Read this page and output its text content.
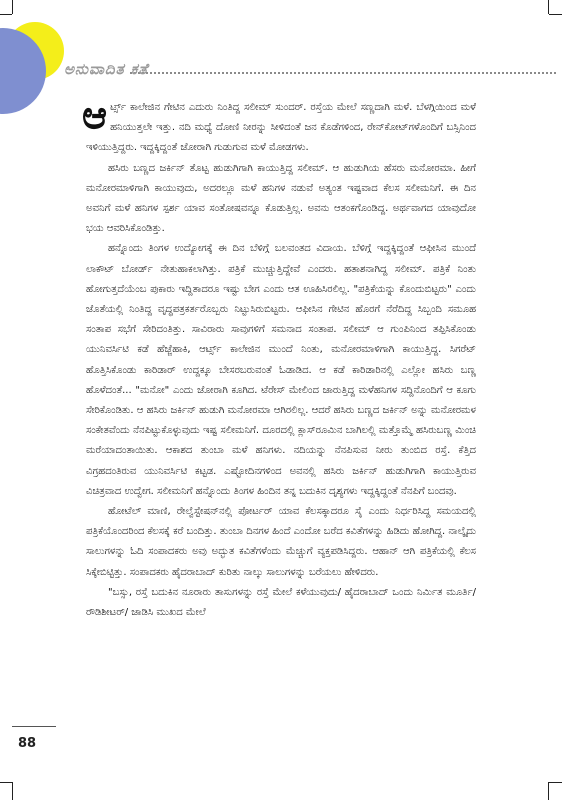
ಅನುವಾದಿತ ಕತೆ

ಆರ್ಟ್ಸ್ ಕಾಲೇಜಿನ ಗೇಟಿನ ಎದುರು ನಿಂತಿದ್ದ ಸಲೀಮ್ ಸುಂದರ್. ರಸ್ತೆಯ ಮೇಲೆ ಸಣ್ಣದಾಗಿ ಮಳೆ. ಬೆಳಗ್ಗಿಯಿಂದ ಮಳೆ ಹನಿಯುತ್ತಲೇ ಇತ್ತು. ನದಿ ಮಧ್ಯೆ ದೋಣಿ ನೀರನ್ನು ಸೀಳಿದಂತೆ ಜನ ಕೊಡೆಗಳಿಂದ, ರೇನ್‌ಕೋಟ್‌ಗಳೊಂದಿಗೆ ಬಸ್ಸಿನಿಂದ ಇಳಿಯುತ್ತಿದ್ದರು. ಇದ್ದಕ್ಕಿದ್ದಂತೆ ಜೋರಾಗಿ ಗುಡುಗುವ ಮಳೆ ಮೋಡಗಳು.

ಹಸಿರು ಬಣ್ಣದ ಜರ್ಕಿನ್ ತೊಟ್ಟ ಹುಡುಗಿಗಾಗಿ ಕಾಯುತ್ತಿದ್ದ ಸಲೀಮ್. ಆ ಹುಡುಗಿಯ ಹೆಸರು ಮನೋರಮಾ. ಹೀಗೆ ಮನೋರಮಾಳಿಗಾಗಿ ಕಾಯುವುದು, ಅದರಲ್ಲೂ ಮಳೆ ಹನಿಗಳ ನಡುವೆ ಅತ್ಯಂತ ಇಷ್ಟವಾದ ಕೆಲಸ ಸಲೀಮನಿಗೆ. ಈ ದಿನ ಅವನಿಗೆ ಮಳೆ ಹನಿಗಳ ಸ್ಪರ್ಶ ಯಾವ ಸಂತೋಷವನ್ನೂ ಕೊಡುತ್ತಿಲ್ಲ. ಅವನು ಆತಂಕಗೊಂಡಿದ್ದ. ಅರ್ಥವಾಗದ ಯಾವುದೋ ಭಯ ಆವರಿಸಿಕೊಂಡಿತ್ತು.

ಹನ್ನೊಂದು ತಿಂಗಳ ಉದ್ಯೋಗಕ್ಕೆ ಈ ದಿನ ಬೆಳಿಗ್ಗೆ ಬಲವಂತದ ವಿದಾಯ. ಬೆಳಿಗ್ಗೆ ಇದ್ದಕ್ಕಿದ್ದಂತೆ ಆಫೀಸಿನ ಮುಂದೆ ಲಾಕೌಟ್ ಬೋರ್ಡ್ ನೇತುಹಾಕಲಾಗಿತ್ತು. ಪತ್ರಿಕೆ ಮುಚ್ಚುತ್ತಿದ್ದೇವೆ ಎಂದರು. ಹತಾಶನಾಗಿದ್ದ ಸಲೀಮ್. ಪತ್ರಿಕೆ ನಿಂತು ಹೋಗುತ್ತದೆಯೆಂಬ ಪುಕಾರು ಇದ್ದಿತಾದರೂ ಇಷ್ಟು ಬೇಗ ಎಂದು ಆತ ಊಹಿಸಿರಲಿಲ್ಲ. "ಪತ್ರಿಕೆಯನ್ನು ಕೊಂದುಬಿಟ್ಟರು" ಎಂದು ಜೊತೆಯಲ್ಲಿ ನಿಂತಿದ್ದ ವೃದ್ಧಪತ್ರಕರ್ತರೊಬ್ಬರು ನಿಟ್ಟುಸಿರುಬಿಟ್ಟರು. ಆಫೀಸಿನ ಗೇಟಿನ ಹೊರಗೆ ನೆರೆದಿದ್ದ ಸಿಬ್ಬಂದಿ ಸಮೂಹ ಸಂತಾಪ ಸಭೆಗೆ ಸೇರಿದಂತಿತ್ತು. ಸಾವಿರಾರು ಸಾವುಗಳಿಗೆ ಸಮನಾದ ಸಂತಾಪ. ಸಲೀಮ್ ಆ ಗುಂಪಿನಿಂದ ತಪ್ಪಿಸಿಕೊಂಡು ಯುನಿವರ್ಸಿಟಿ ಕಡೆ ಹೆಜ್ಜೆಹಾಕಿ, ಆರ್ಟ್ಸ್ ಕಾಲೇಜಿನ ಮುಂದೆ ನಿಂತು, ಮನೋರಮಾಳಿಗಾಗಿ ಕಾಯುತ್ತಿದ್ದ. ಸಿಗರೆಟ್ ಹೊತ್ತಿಸಿಕೊಂಡು ಕಾರಿಡಾರ್ ಉದ್ದಕ್ಕೂ ಬೇಸರಬರುವಂತೆ ಓಡಾಡಿದ. ಆ ಕಡೆ ಕಾರಿಡಾರಿನಲ್ಲಿ ಎಲ್ಲೋ ಹಸಿರು ಬಣ್ಣ ಹೊಳೆದಂತೆ... "ಮನೋ" ಎಂದು ಜೋರಾಗಿ ಕೂಗಿದ. ಟೆರೇಸ್ ಮೇಲಿಂದ ಜಾರುತ್ತಿದ್ದ ಮಳೆಹನಿಗಳ ಸದ್ದಿನೊಂದಿಗೆ ಆ ಕೂಗು ಸೇರಿಕೊಂಡಿತು. ಆ ಹಸಿರು ಜರ್ಕಿನ್ ಹುಡುಗಿ ಮನೋರಮಾ ಆಗಿರಲಿಲ್ಲ. ಆದರೆ ಹಸಿರು ಬಣ್ಣದ ಜರ್ಕಿನ್ ಅನ್ನು ಮನೋರಮಳ ಸಂಕೇತವೆಂದು ನೆನಪಿಟ್ಟುಕೊಳ್ಳುವುದು ಇಷ್ಟ ಸಲೀಮನಿಗೆ. ದೂರದಲ್ಲಿ ಕ್ಲಾಸ್‌ರೂಮಿನ ಬಾಗಿಲಲ್ಲಿ ಮತ್ತೊಮ್ಮೆ ಹಸಿರುಬಣ್ಣ ಮಿಂಚಿ ಮರೆಯಾದಂತಾಯಿತು. ಆಕಾಶದ ತುಂಬಾ ಮಳೆ ಹನಿಗಳು. ನದಿಯನ್ನು ನೆನಪಿಸುವ ನೀರು ತುಂಬಿದ ರಸ್ತೆ. ಕೆತ್ತಿದ ವಿಗ್ರಹದಂತಿರುವ ಯುನಿವರ್ಸಿಟಿ ಕಟ್ಟಡ. ಎಷ್ಟೋದಿನಗಳಿಂದ ಅವನಲ್ಲಿ ಹಸಿರು ಜರ್ಕಿನ್ ಹುಡುಗಿಗಾಗಿ ಕಾಯುತ್ತಿರುವ ವಿಚಿತ್ರವಾದ ಉದ್ವೇಗ. ಸಲೀಮನಿಗೆ ಹನ್ನೊಂದು ತಿಂಗಳ ಹಿಂದಿನ ತನ್ನ ಬದುಕಿನ ದೃಶ್ಯಗಳು ಇದ್ದಕ್ಕಿದ್ದಂತೆ ನೆನಪಿಗೆ ಬಂದವು.

ಹೋಟೆಲ್ ಮಾಣಿ, ರೇಲ್ವೆಸ್ಟೇಷನ್‌ನಲ್ಲಿ ಪೋರ್ಟರ್ ಯಾವ ಕೆಲಸಕ್ಕಾದರೂ ಸೈ ಎಂದು ನಿರ್ಧರಿಸಿದ್ದ ಸಮಯದಲ್ಲಿ ಪತ್ರಿಕೆಯೊಂದರಿಂದ ಕೆಲಸಕ್ಕೆ ಕರೆ ಬಂದಿತ್ತು. ತುಂಬಾ ದಿನಗಳ ಹಿಂದೆ ಎಂದೋ ಬರೆದ ಕವಿತೆಗಳನ್ನು ಹಿಡಿದು ಹೋಗಿದ್ದ. ನಾಲ್ಕೈದು ಸಾಲುಗಳನ್ನು ಓದಿ ಸಂಪಾದಕರು ಅವು ಅದ್ಭುತ ಕವಿತೆಗಳೆಂದು ಮೆಚ್ಚುಗೆ ವ್ಯಕ್ತಪಡಿಸಿದ್ದರು. ಆಹಾನ್ ಆಗಿ ಪತ್ರಿಕೆಯಲ್ಲಿ ಕೆಲಸ ಸಿಕ್ಕೇಬಿಟ್ಟಿತ್ತು. ಸಂಪಾದಕರು ಹೈದರಾಬಾದ್ ಕುರಿತು ನಾಲ್ಕು ಸಾಲುಗಳನ್ನು ಬರೆಯಲು ಹೇಳಿದರು.

"ಬಸ್ಸು, ರಸ್ತೆ ಬದುಕಿನ ನೂರಾರು ತಾಸುಗಳನ್ನು ರಸ್ತೆ ಮೇಲೆ ಕಳೆಯುವುದು/ ಹೈದರಾಬಾದ್ ಒಂದು ನಿರ್ಮಿತ ಮೂರ್ತಿ/ ರೌಡಿಶೀಟರ್/ ಜಾಡಿಸಿ ಮುಖದ ಮೇಲೆ

88
